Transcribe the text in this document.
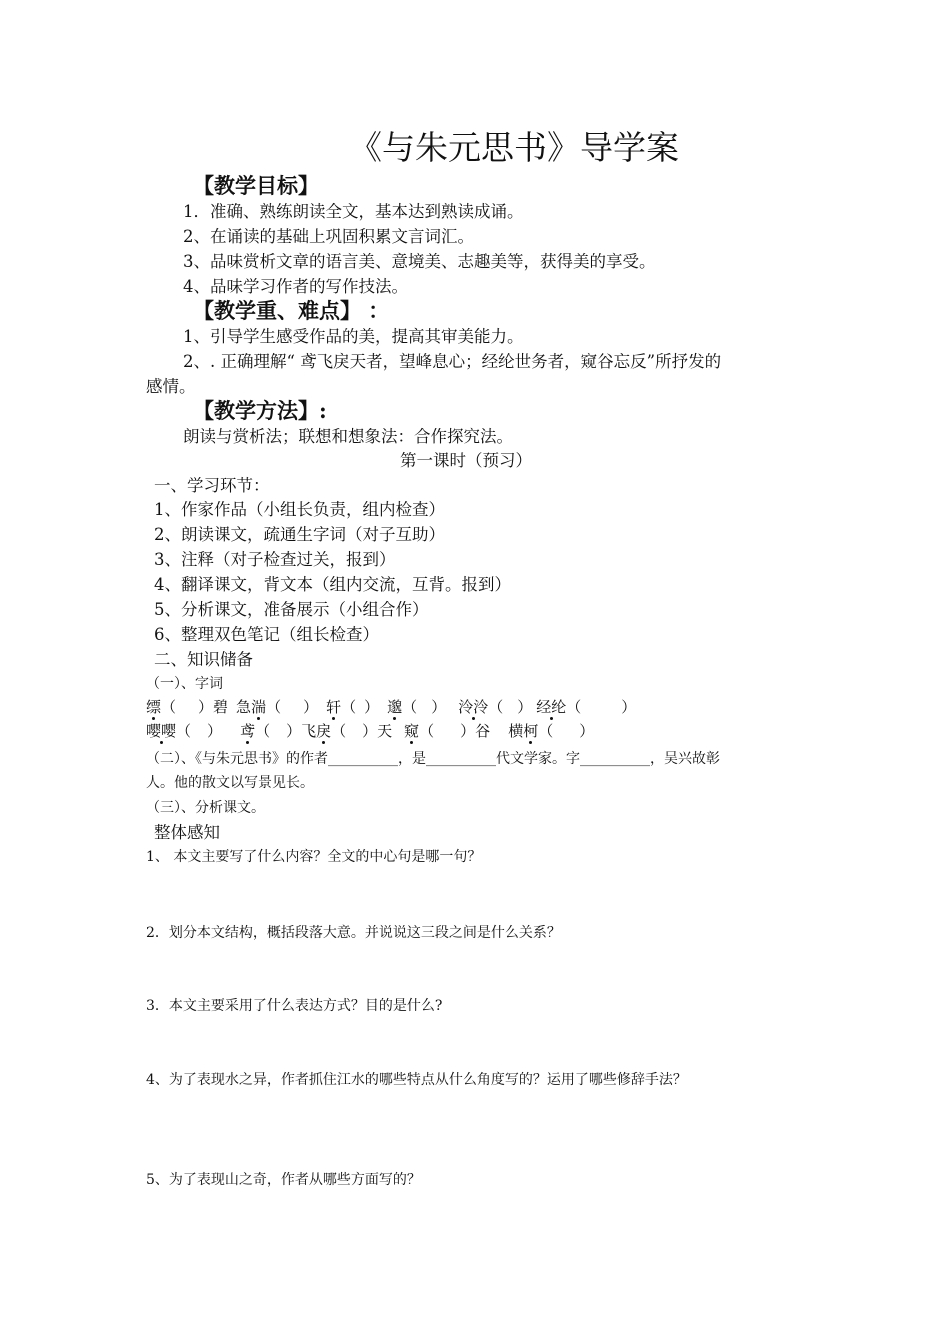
《与朱元思书》导学案
【教学目标】
1．准确、熟练朗读全文，基本达到熟读成诵。
2、在诵读的基础上巩固积累文言词汇。
3、品味赏析文章的语言美、意境美、志趣美等，获得美的享受。
4、品味学习作者的写作技法。
【教学重、难点】 ：
1、引导学生感受作品的美，提高其审美能力。
2、. 正确理解“ 鸢飞戾天者，望峰息心；经纶世务者，窥谷忘反”所抒发的
感情。
【教学方法】:
朗读与赏析法；联想和想象法：合作探究法。
第一课时（预习）
一、学习环节：
1、作家作品（小组长负责，组内检查）
2、朗读课文，疏通生字词（对子互助）
3、注释（对子检查过关，报到）
4、翻译课文，背文本（组内交流，互背。报到）
5、分析课文，准备展示（小组合作）
6、整理双色笔记（组长检查）
二、知识储备
（一）、字词
缥（ ）碧 急湍（ ） 轩（ ） 邈（ ） 泠泠（ ） 经纶（	）
嘤嘤（ ） 鸢（ ）飞戾（ ）天 窥（ ）谷 横柯（ ）
（二）、《与朱元思书》的作者__________，是__________代文学家。字__________，吴兴故彰
人。他的散文以写景见长。
（三）、分析课文。
整体感知
1、 本文主要写了什么内容？全文的中心句是哪一句？
2．划分本文结构，概括段落大意。并说说这三段之间是什么关系？
3．本文主要采用了什么表达方式？目的是什么?
4、为了表现水之异，作者抓住江水的哪些特点从什么角度写的？运用了哪些修辞手法？
5、为了表现山之奇，作者从哪些方面写的？
